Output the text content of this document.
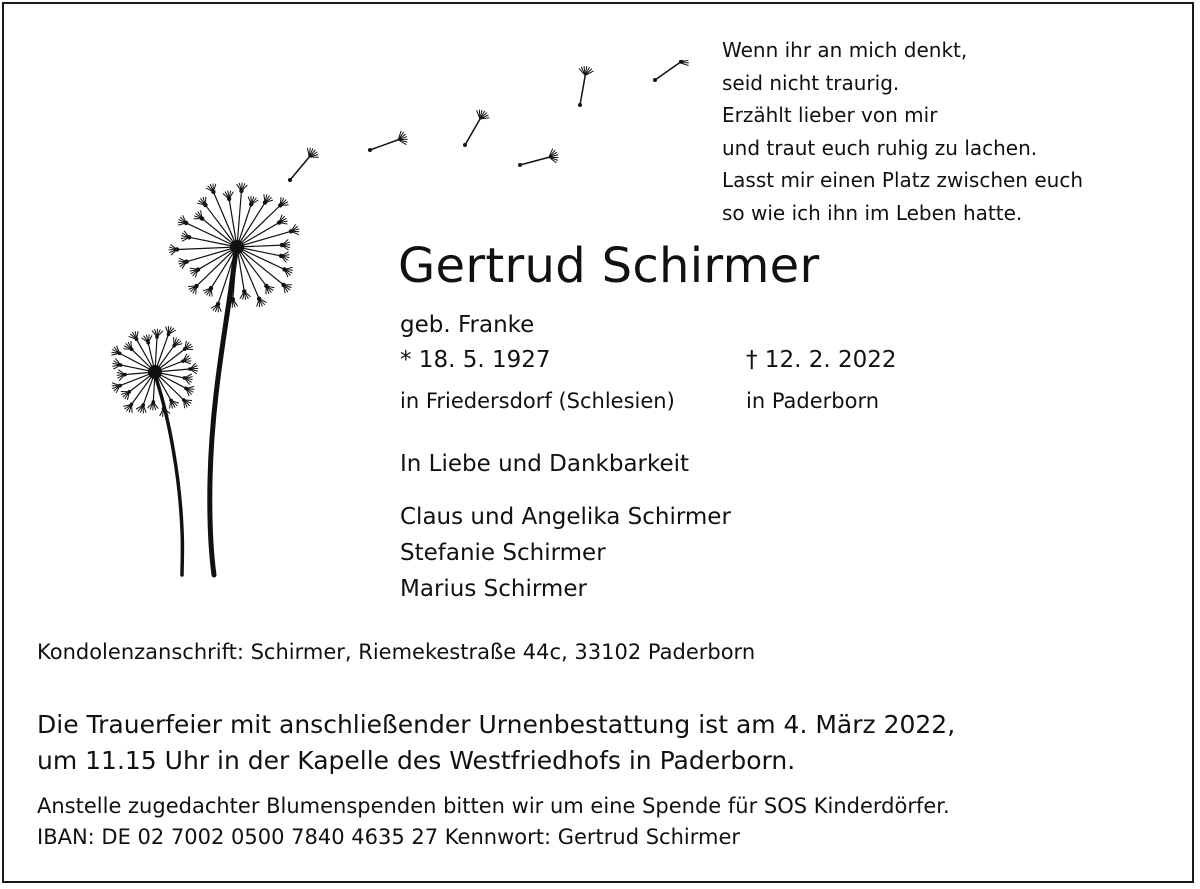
Wenn ihr an mich denkt,
seid nicht traurig.
Erzählt lieber von mir
und traut euch ruhig zu lachen.
Lasst mir einen Platz zwischen euch
so wie ich ihn im Leben hatte.
Gertrud Schirmer
geb. Franke
* 18. 5. 1927
in Friedersdorf (Schlesien)
† 12. 2. 2022
in Paderborn
In Liebe und Dankbarkeit
Claus und Angelika Schirmer
Stefanie Schirmer
Marius Schirmer
Kondolenzanschrift: Schirmer, Riemekestraße 44c, 33102 Paderborn
Die Trauerfeier mit anschließender Urnenbestattung ist am 4. März 2022,
um 11.15 Uhr in der Kapelle des Westfriedhofs in Paderborn.
Anstelle zugedachter Blumenspenden bitten wir um eine Spende für SOS Kinderdörfer.
IBAN: DE 02 7002 0500 7840 4635 27 Kennwort: Gertrud Schirmer
